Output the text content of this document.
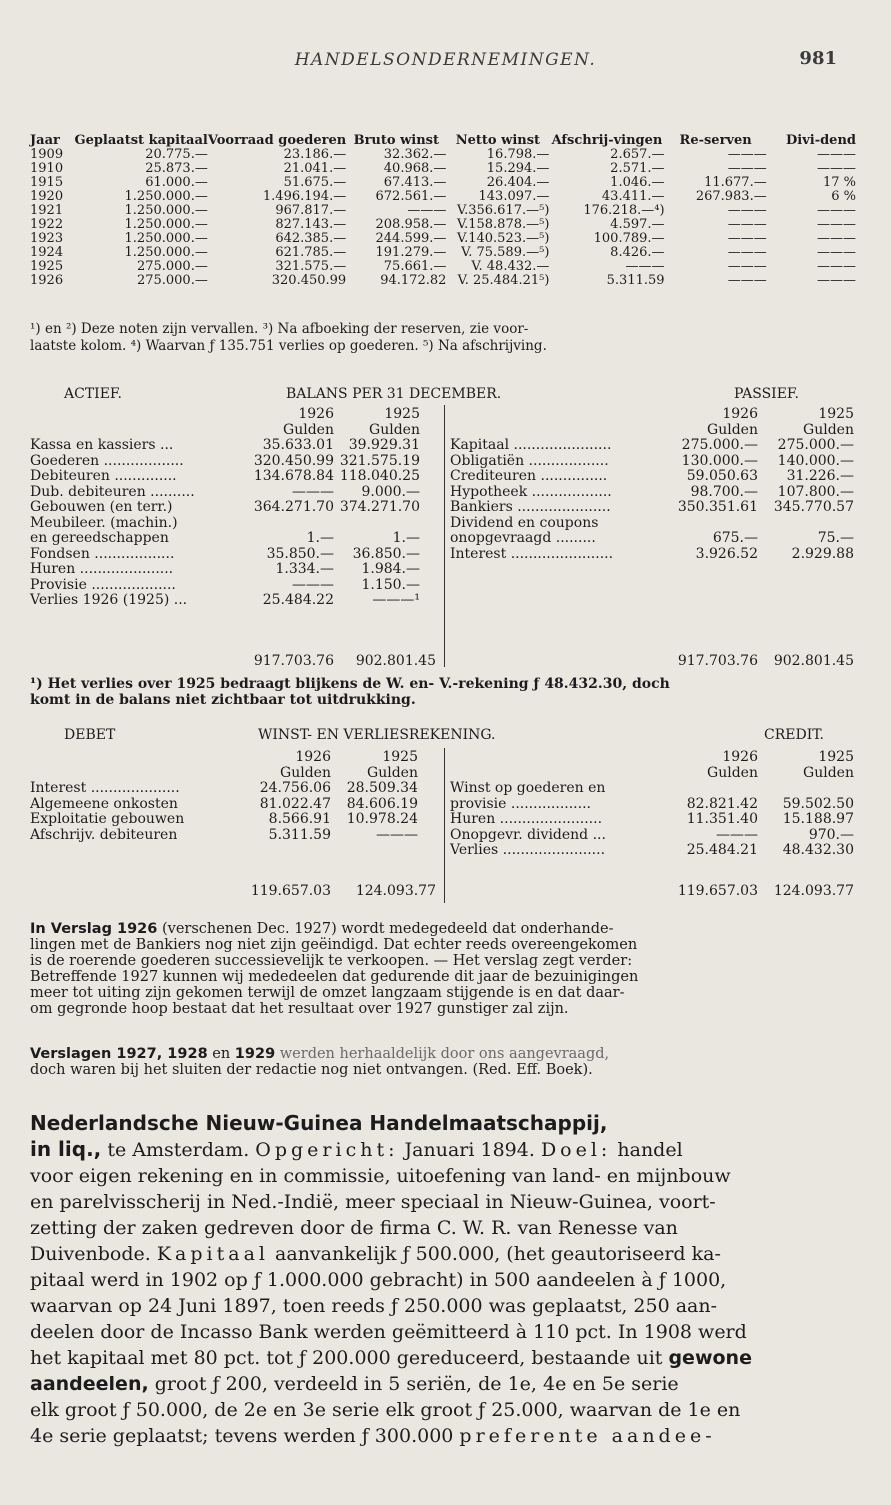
HANDELSONDERNEMINGEN.	981
Jaar	Geplaatst kapitaal	Voorraad goederen	Bruto winst	Netto winst	Afschrij-vingen	Re-serven	Divi-dend
1909	20.775.—	23.186.—	32.362.—	16.798.—	2.657.—	———	———
1910	25.873.—	21.041.—	40.968.—	15.294.—	2.571.—	———	———
1915	61.000.—	51.675.—	67.413.—	26.404.—	1.046.—	11.677.—	17 %
1920	1.250.000.—	1.496.194.—	672.561.—	143.097.—	43.411.—	267.983.—	6 %
1921	1.250.000.—	967.817.—	———	V.356.617.—⁵)	176.218.—⁴)	———	———
1922	1.250.000.—	827.143.—	208.958.—	V.158.878.—⁵)	4.597.—	———	———
1923	1.250.000.—	642.385.—	244.599.—	V.140.523.—⁵)	100.789.—	———	———
1924	1.250.000.—	621.785.—	191.279.—	V. 75.589.—⁵)	8.426.—	———	———
1925	275.000.—	321.575.—	75.661.—	V. 48.432.—	———	———	———
1926	275.000.—	320.450.99	94.172.82	V. 25.484.21⁵)	5.311.59	———	———
¹) en ²) Deze noten zijn vervallen. ³) Na afboeking der reserven, zie voor-
laatste kolom. ⁴) Waarvan ƒ 135.751 verlies op goederen. ⁵) Na afschrijving.
ACTIEF.	BALANS PER 31 DECEMBER.	PASSIEF.
	1926	1925
	Gulden	Gulden
Kassa en kassiers ...	35.633.01	39.929.31
Goederen ..................	320.450.99	321.575.19
Debiteuren ..............	134.678.84	118.040.25
Dub. debiteuren ..........	———	9.000.—
Gebouwen (en terr.)	364.271.70	374.271.70
Meubileer. (machin.)		
en gereedschappen	1.—	1.—
Fondsen ..................	35.850.—	36.850.—
Huren .....................	1.334.—	1.984.—
Provisie ...................	———	1.150.—
Verlies 1926 (1925) ...	25.484.22	———¹
	1926	1925
	Gulden	Gulden
Kapitaal ......................	275.000.—	275.000.—
Obligatiën ..................	130.000.—	140.000.—
Crediteuren ...............	59.050.63	31.226.—
Hypotheek ..................	98.700.—	107.800.—
Bankiers .....................	350.351.61	345.770.57
Dividend en coupons		
onopgevraagd .........	675.—	75.—
Interest .......................	3.926.52	2.929.88
917.703.76 902.801.45	917.703.76 902.801.45
¹) Het verlies over 1925 bedraagt blijkens de W. en- V.-rekening ƒ 48.432.30, doch
komt in de balans niet zichtbaar tot uitdrukking.
DEBET	WINST- EN VERLIESREKENING.	CREDIT.
	1926	1925
	Gulden	Gulden
Interest ....................	24.756.06	28.509.34
Algemeene onkosten	81.022.47	84.606.19
Exploitatie gebouwen	8.566.91	10.978.24
Afschrijv. debiteuren	5.311.59	———
	1926	1925
	Gulden	Gulden
Winst op goederen en		
provisie ..................	82.821.42	59.502.50
Huren .......................	11.351.40	15.188.97
Onopgevr. dividend ...	———	970.—
Verlies .......................	25.484.21	48.432.30
119.657.03 124.093.77	119.657.03 124.093.77
In Verslag 1926 (verschenen Dec. 1927) wordt medegedeeld dat onderhande-
lingen met de Bankiers nog niet zijn geëindigd. Dat echter reeds overeengekomen
is de roerende goederen successievelijk te verkoopen. — Het verslag zegt verder:
Betreffende 1927 kunnen wij mededeelen dat gedurende dit jaar de bezuinigingen
meer tot uiting zijn gekomen terwijl de omzet langzaam stijgende is en dat daar-
om gegronde hoop bestaat dat het resultaat over 1927 gunstiger zal zijn.
Verslagen 1927, 1928 en 1929 werden herhaaldelijk door ons aangevraagd,
doch waren bij het sluiten der redactie nog niet ontvangen. (Red. Eff. Boek).
Nederlandsche Nieuw-Guinea Handelmaatschappij,
in liq., te Amsterdam. Opgericht: Januari 1894. Doel: handel
voor eigen rekening en in commissie, uitoefening van land- en mijnbouw
en parelvisscherij in Ned.-Indië, meer speciaal in Nieuw-Guinea, voort-
zetting der zaken gedreven door de firma C. W. R. van Renesse van
Duivenbode. Kapitaal aanvankelijk ƒ 500.000, (het geautoriseerd ka-
pitaal werd in 1902 op ƒ 1.000.000 gebracht) in 500 aandeelen à ƒ 1000,
waarvan op 24 Juni 1897, toen reeds ƒ 250.000 was geplaatst, 250 aan-
deelen door de Incasso Bank werden geëmitteerd à 110 pct. In 1908 werd
het kapitaal met 80 pct. tot ƒ 200.000 gereduceerd, bestaande uit gewone
aandeelen, groot ƒ 200, verdeeld in 5 seriën, de 1e, 4e en 5e serie
elk groot ƒ 50.000, de 2e en 3e serie elk groot ƒ 25.000, waarvan de 1e en
4e serie geplaatst; tevens werden ƒ 300.000 preferente aandee-
